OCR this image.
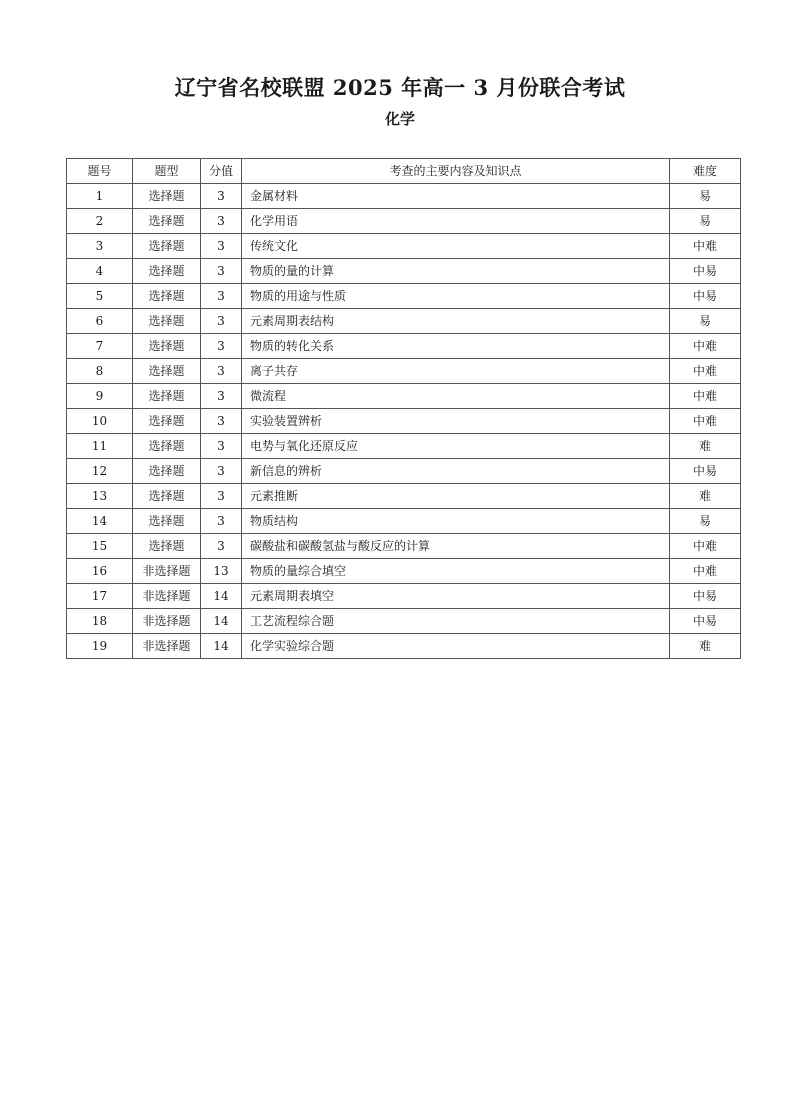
辽宁省名校联盟 2025 年高一 3 月份联合考试
化学
题号	题型	分值	考查的主要内容及知识点	难度
1	选择题	3	金属材料	易
2	选择题	3	化学用语	易
3	选择题	3	传统文化	中难
4	选择题	3	物质的量的计算	中易
5	选择题	3	物质的用途与性质	中易
6	选择题	3	元素周期表结构	易
7	选择题	3	物质的转化关系	中难
8	选择题	3	离子共存	中难
9	选择题	3	微流程	中难
10	选择题	3	实验装置辨析	中难
11	选择题	3	电势与氧化还原反应	难
12	选择题	3	新信息的辨析	中易
13	选择题	3	元素推断	难
14	选择题	3	物质结构	易
15	选择题	3	碳酸盐和碳酸氢盐与酸反应的计算	中难
16	非选择题	13	物质的量综合填空	中难
17	非选择题	14	元素周期表填空	中易
18	非选择题	14	工艺流程综合题	中易
19	非选择题	14	化学实验综合题	难
